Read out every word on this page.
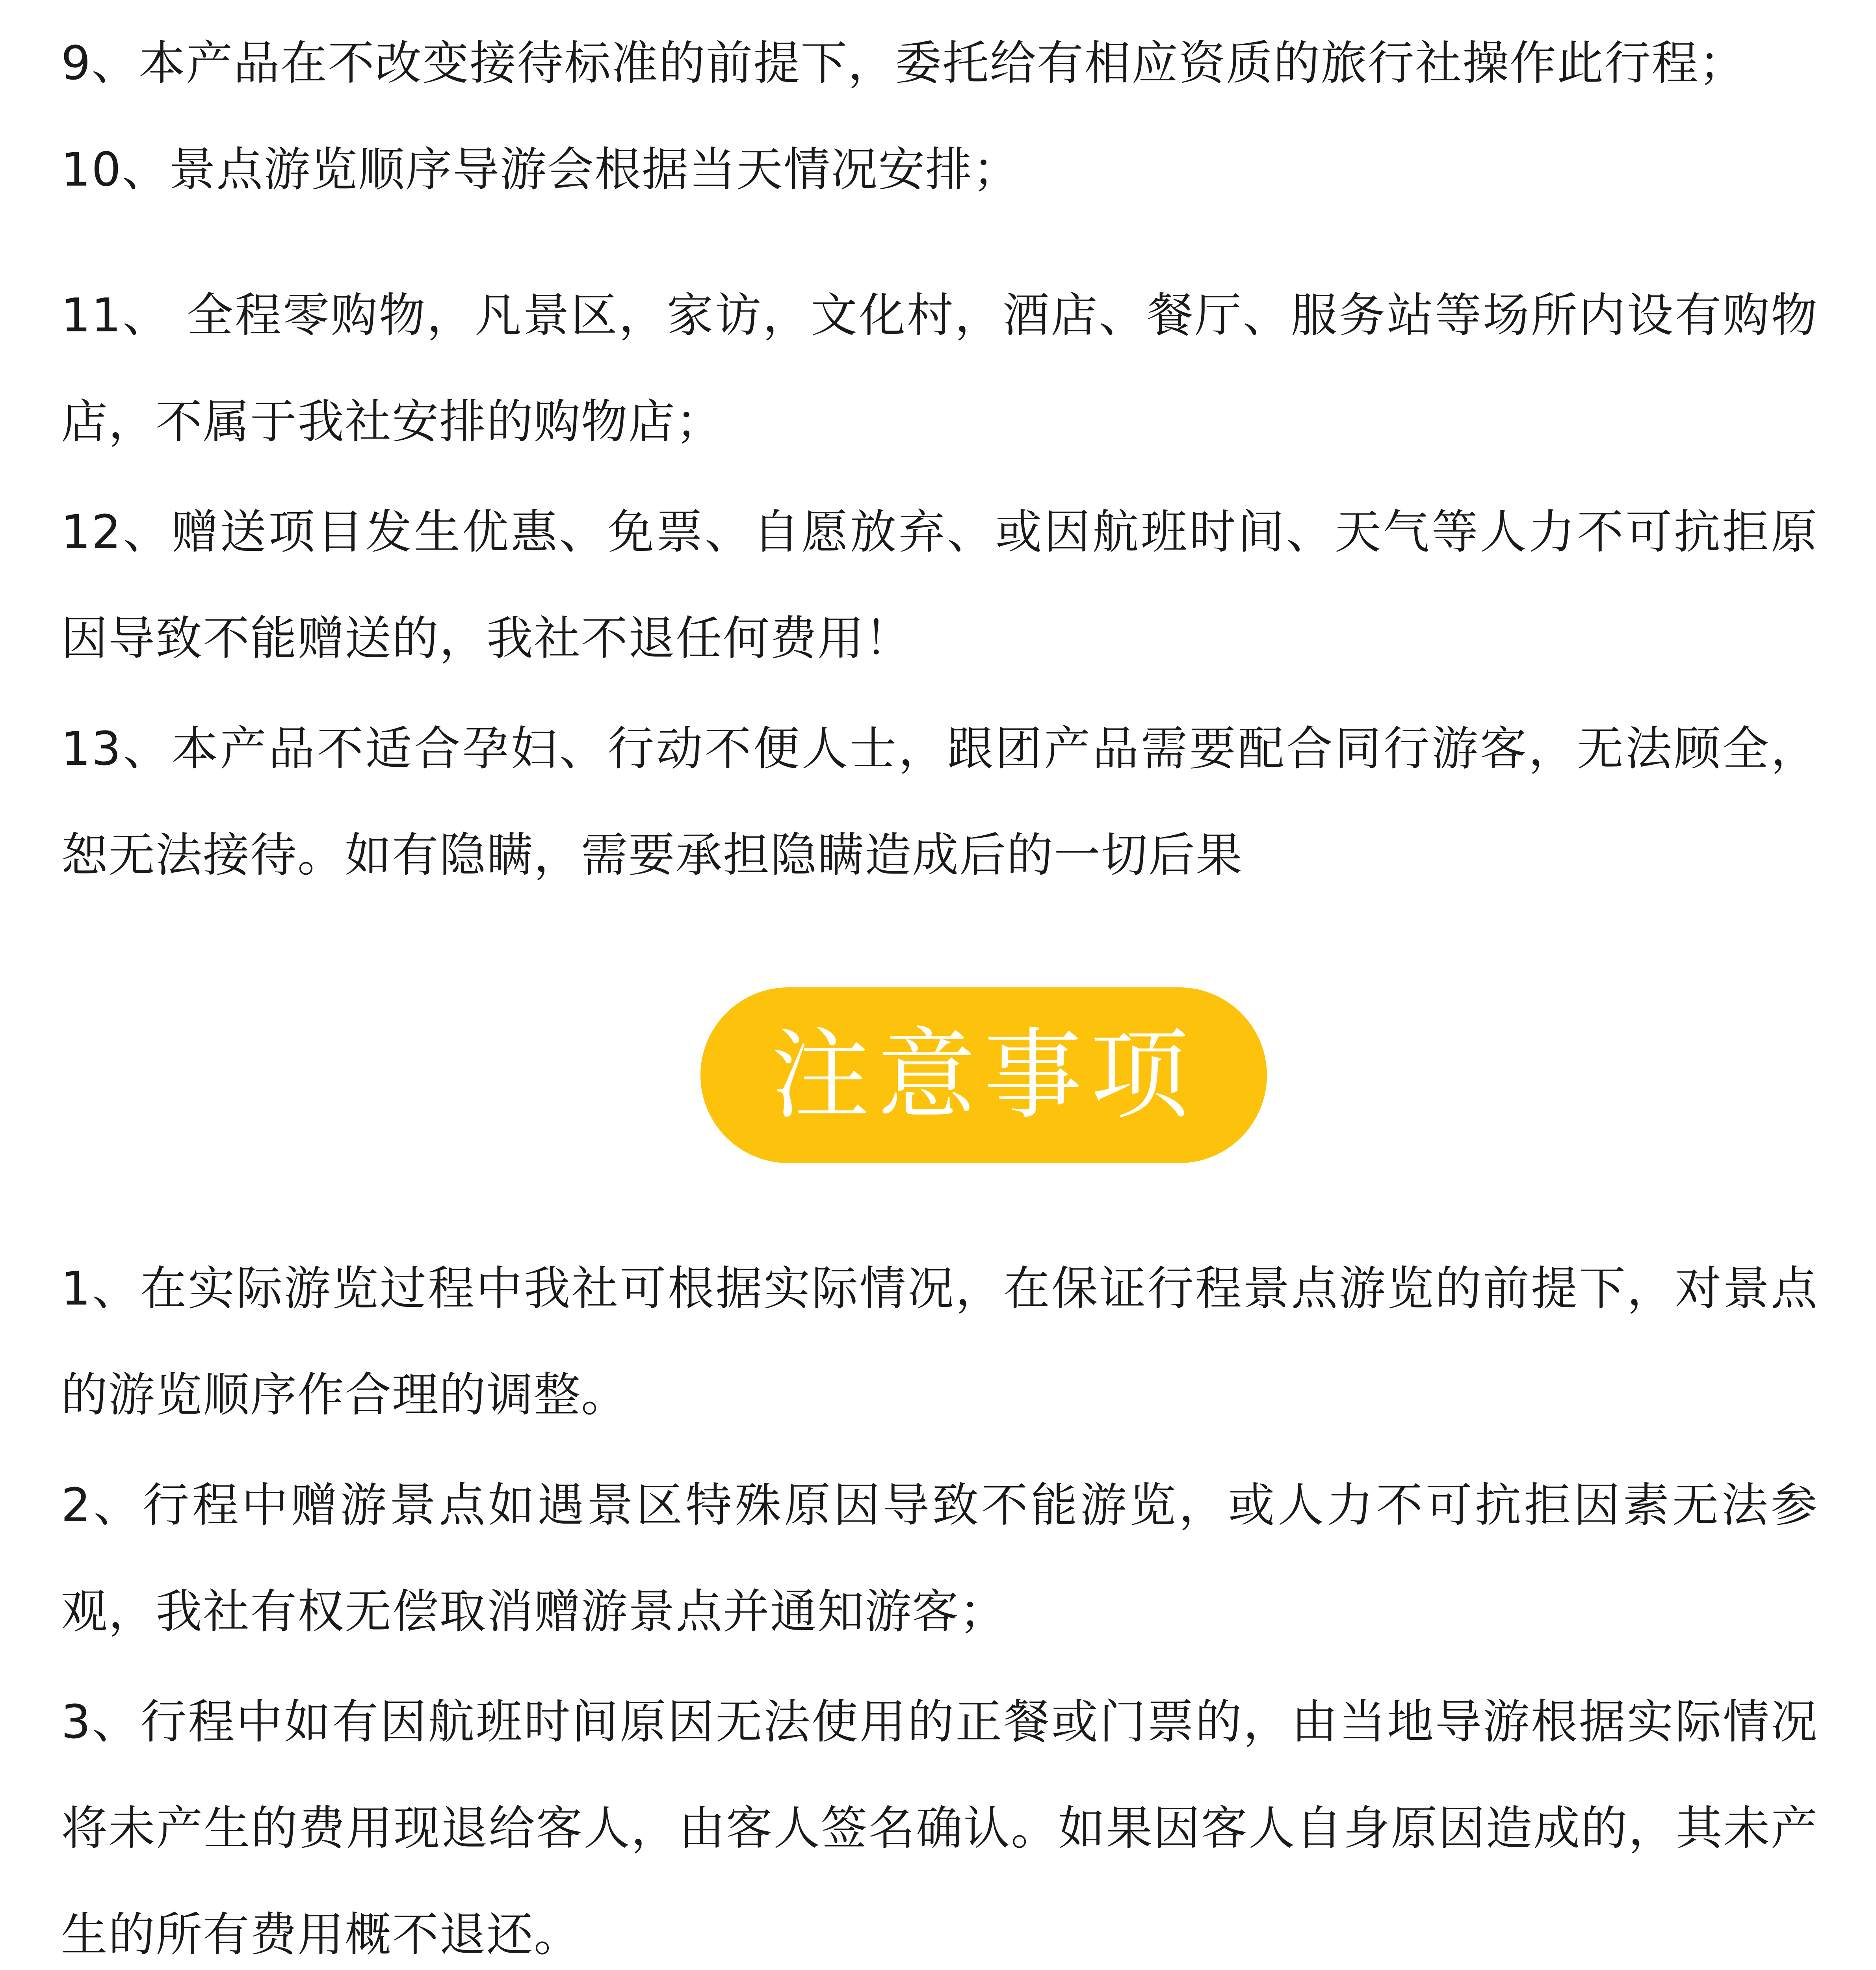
9、本产品在不改变接待标准的前提下，委托给有相应资质的旅行社操作此行程；

10、景点游览顺序导游会根据当天情况安排；

11、 全程零购物，凡景区，家访，文化村，酒店、餐厅、服务站等场所内设有购物店，不属于我社安排的购物店；

12、赠送项目发生优惠、免票、自愿放弃、或因航班时间、天气等人力不可抗拒原因导致不能赠送的，我社不退任何费用！

13、本产品不适合孕妇、行动不便人士，跟团产品需要配合同行游客，无法顾全，恕无法接待。如有隐瞒，需要承担隐瞒造成后的一切后果

注意事项

1、在实际游览过程中我社可根据实际情况，在保证行程景点游览的前提下，对景点的游览顺序作合理的调整。

2、行程中赠游景点如遇景区特殊原因导致不能游览，或人力不可抗拒因素无法参观，我社有权无偿取消赠游景点并通知游客；

3、行程中如有因航班时间原因无法使用的正餐或门票的，由当地导游根据实际情况将未产生的费用现退给客人，由客人签名确认。如果因客人自身原因造成的，其未产生的所有费用概不退还。
